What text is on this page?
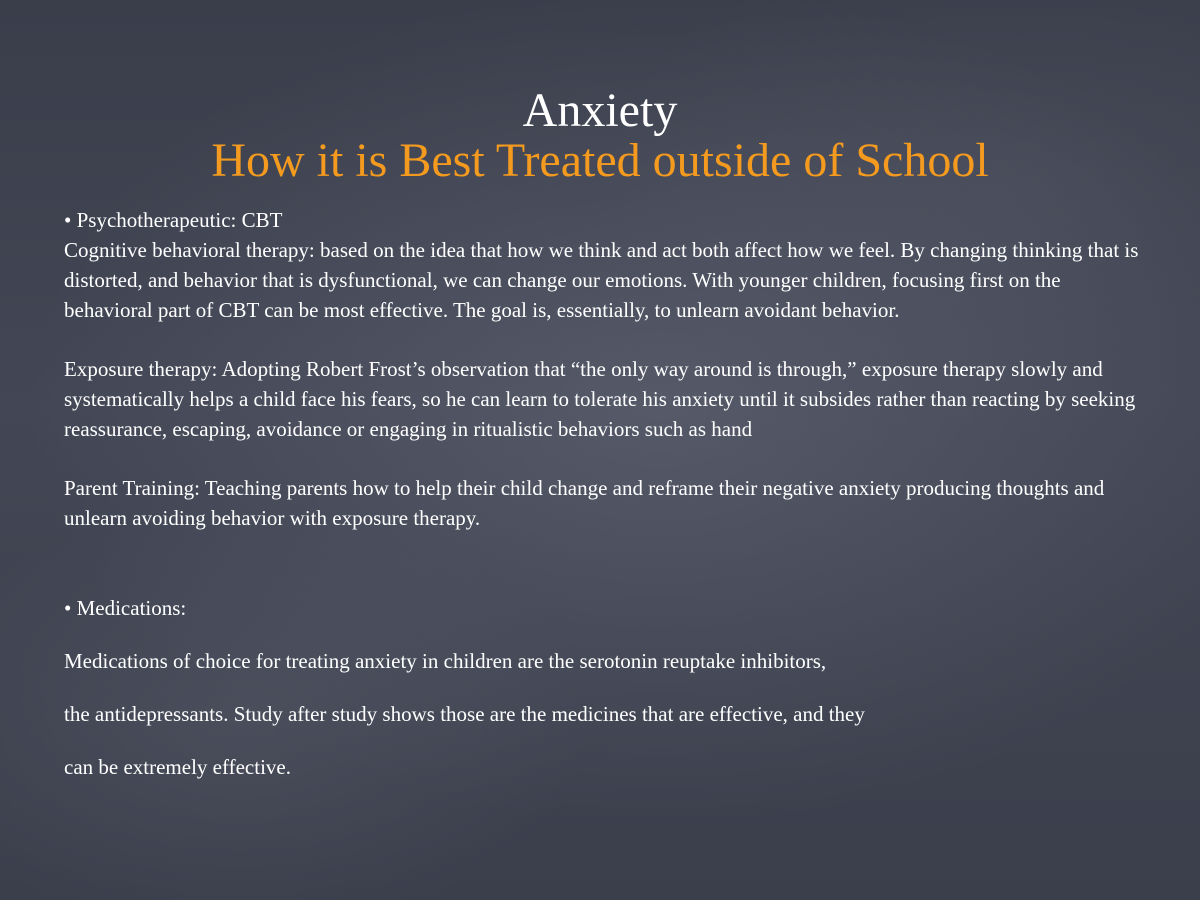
Anxiety
How it is Best Treated outside of School

• Psychotherapeutic: CBT

Cognitive behavioral therapy: based on the idea that how we think and act both affect how we feel. By changing thinking that is distorted, and behavior that is dysfunctional, we can change our emotions. With younger children, focusing first on the behavioral part of CBT can be most effective. The goal is, essentially, to unlearn avoidant behavior.

Exposure therapy: Adopting Robert Frost’s observation that “the only way around is through,” exposure therapy slowly and systematically helps a child face his fears, so he can learn to tolerate his anxiety until it subsides rather than reacting by seeking reassurance, escaping, avoidance or engaging in ritualistic behaviors such as hand

Parent Training: Teaching parents how to help their child change and reframe their negative anxiety producing thoughts and unlearn avoiding behavior with exposure therapy.

• Medications:

Medications of choice for treating anxiety in children are the serotonin reuptake inhibitors,

the antidepressants. Study after study shows those are the medicines that are effective, and they

can be extremely effective.
